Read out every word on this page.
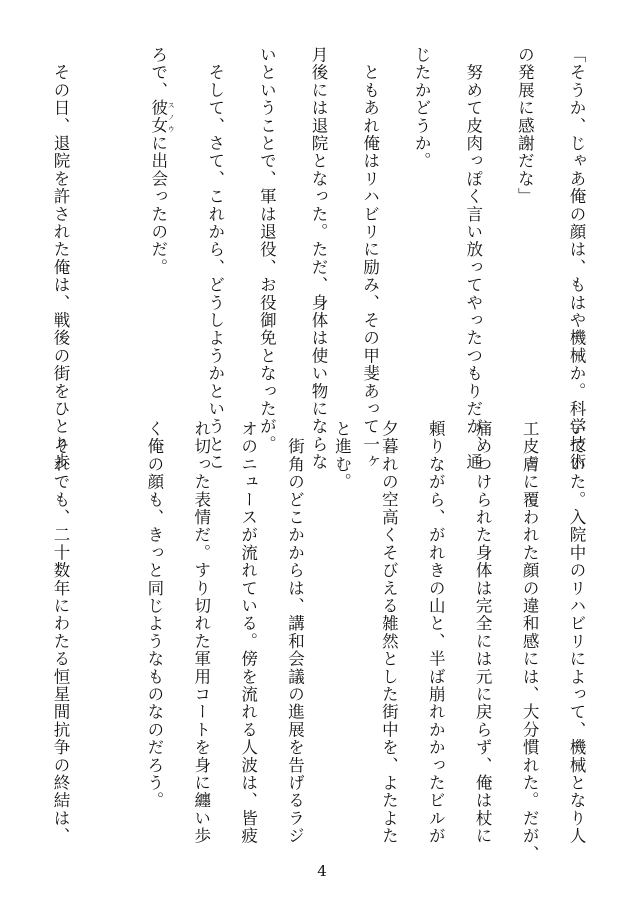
「そうか、じゃあ俺の顔は、もはや機械か。科学技術
の発展に感謝だな」
　努めて皮肉っぽく言い放ってやったつもりだが、通
じたかどうか。
　ともあれ俺はリハビリに励み、その甲斐あって一ヶ
月後には退院となった。ただ、身体は使い物にならな
いということで、軍は退役、お役御免となったが。
　そして、さて、これから、どうしようかというとこ
ろで、彼女 スノウに出会ったのだ。
　その日、退院を許された俺は、戦後の街をひとり歩
いていた。入院中のリハビリによって、機械となり人
工皮膚に覆われた顔の違和感には、大分慣れた。だが、
痛めつけられた身体は完全には元に戻らず、俺は杖に
頼りながら、がれきの山と、半ば崩れかかったビルが
夕暮れの空高くそびえる雑然とした街中を、よたよた
と進む。
　街角のどこかからは、講和会議の進展を告げるラジ
オのニュースが流れている。傍を流れる人波は、皆疲
れ切った表情だ。すり切れた軍用コートを身に纏い歩
く俺の顔も、きっと同じようなものなのだろう。
　それでも、二十数年にわたる恒星間抗争の終結は、
4
